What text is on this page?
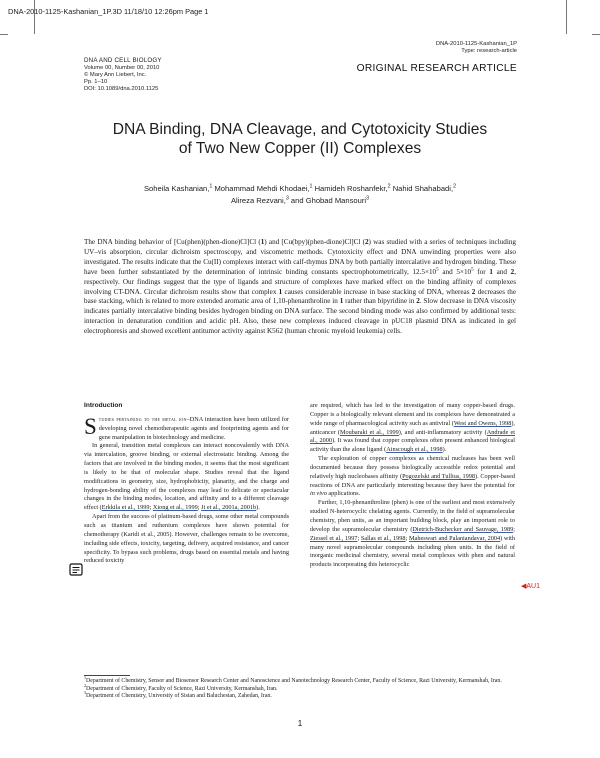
DNA-2010-1125-Kashanian_1P.3D 11/18/10 12:26pm Page 1
DNA-2010-1125-Kashanian_1P
Type: research-article
DNA AND CELL BIOLOGY
Volume 00, Number 00, 2010
© Mary Ann Liebert, Inc.
Pp. 1–10
DOI: 10.1089/dna.2010.1125
ORIGINAL RESEARCH ARTICLE
DNA Binding, DNA Cleavage, and Cytotoxicity Studies
of Two New Copper (II) Complexes
Soheila Kashanian,$^1$ Mohammad Mehdi Khodaei,$^1$ Hamideh Roshanfekr,$^2$ Nahid Shahabadi,$^2$
Alireza Rezvani,$^3$ and Ghobad Mansouri$^3$
The DNA binding behavior of [Cu(phen)(phen-dione)Cl]Cl (1) and [Cu(bpy)(phen-dione)Cl]Cl (2) was studied with a series of techniques including UV–vis absorption, circular dichroism spectroscopy, and viscometric methods. Cytotoxicity effect and DNA unwinding properties were also investigated. The results indicate that the Cu(II) complexes interact with calf-thymus DNA by both partially intercalative and hydrogen binding. These have been further substantiated by the determination of intrinsic binding constants spectrophotometrically, $12.5\times 10^5$ and $5\times 10^5$ for 1 and 2, respectively. Our findings suggest that the type of ligands and structure of complexes have marked effect on the binding affinity of complexes involving CT-DNA. Circular dichroism results show that complex 1 causes considerable increase in base stacking of DNA, whereas 2 decreases the base stacking, which is related to more extended aromatic area of 1,10-phenanthroline in 1 rather than bipyridine in 2. Slow decrease in DNA viscosity indicates partially intercalative binding besides hydrogen binding on DNA surface. The second binding mode was also confirmed by additional tests: interaction in denaturation condition and acidic pH. Also, these new complexes induced cleavage in pUC18 plasmid DNA as indicated in gel electrophoresis and showed excellent antitumor activity against K562 (human chronic myeloid leukemia) cells.
Introduction

Studies pertaining to the metal ion–DNA interaction have been utilized for developing novel chemotherapeutic agents and footprinting agents and for gene manipulation in biotechnology and medicine.

In general, transition metal complexes can interact noncovalently with DNA via intercalation, groove binding, or external electrostatic binding. Among the factors that are involved in the binding modes, it seems that the most significant is likely to be that of molecular shape. Studies reveal that the ligand modifications in geometry, size, hydrophobicity, planarity, and the charge and hydrogen-bonding ability of the complexes may lead to delicate or spectacular changes in the binding modes, location, and affinity and to a different cleavage effect (Erkkila et al., 1999; Xiong et al., 1999; Ji et al., 2001a, 2001b).

Apart from the success of platinum-based drugs, some other metal compounds such as titanium and ruthenium complexes have shown potential for chemotherapy (Karidi et al., 2005). However, challenges remain to be overcome, including side effects, toxicity, targeting, delivery, acquired resistance, and cancer specificity. To bypass such problems, drugs based on essential metals and having reduced toxicity

are required, which has led to the investigation of many copper-based drugs. Copper is a biologically relevant element and its complexes have demonstrated a wide range of pharmacological activity such as antiviral (West and Owens, 1998), anticancer (Moubaraki et al., 1999), and anti-inflammatory activity (Andrade et al., 2000). It was found that copper complexes often present enhanced biological activity than the alone ligand (Ainscough et al., 1998).

The exploration of copper complexes as chemical nucleases has been well documented because they possess biologically accessible redox potential and relatively high nucleobases affinity (Pogozelski and Tullius, 1998). Copper-based reactions of DNA are particularly interesting because they have the potential for in vivo applications.

Further, 1,10-phenanthroline (phen) is one of the earliest and most extensively studied N-heterocyclic chelating agents. Currently, in the field of supramolecular chemistry, phen units, as an important building block, play an important role to develop the supramolecular chemistry (Dietrich-Buchecker and Sauvage, 1989; Ziessel et al., 1997; Sallas et al., 1998; Maheswari and Palaniandavar, 2004) with many novel supramolecular compounds including phen units. In the field of inorganic medicinal chemistry, several metal complexes with phen and natural products incorporating this heterocyclic

◀AU1
$^1$Department of Chemistry, Sensor and Biosensor Research Center and Nanoscience and Nanotechnology Research Center, Faculty of Science, Razi University, Kermanshah, Iran.
$^2$Department of Chemistry, Faculty of Science, Razi University, Kermanshah, Iran.
$^3$Department of Chemistry, University of Sistan and Baluchestan, Zahedan, Iran.
1
